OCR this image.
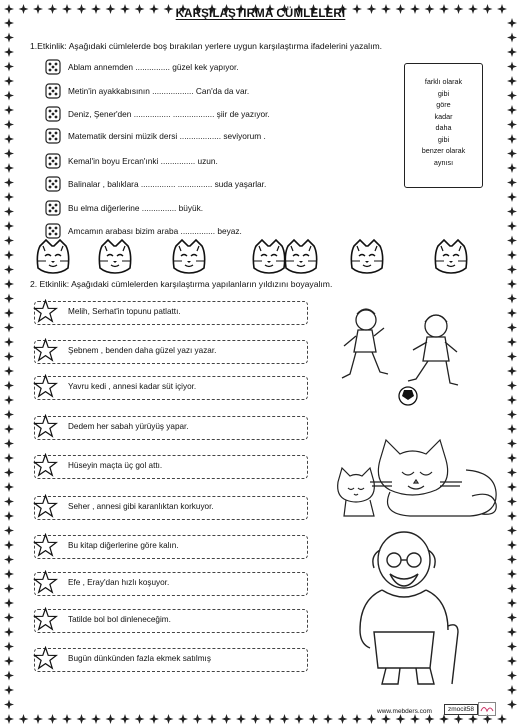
KARŞILAŞTIRMA CÜMLELERİ
1.Etkinlik: Aşağıdaki cümlelerde boş bırakılan yerlere uygun karşılaştırma ifadelerini yazalım.
Ablam annemden ............... güzel kek yapıyor.
Metin'in ayakkabısının .................. Can'da da var.
Deniz, Şener'den ................ .................. şiir de yazıyor.
Matematik dersini müzik dersi .................. seviyorum .
Kemal'in boyu Ercan'ınki ............... uzun.
Balinalar , balıklara ............... ............... suda yaşarlar.
Bu elma diğerlerine ............... büyük.
Amcamın arabası bizim araba ............... beyaz.
farklı olarak
gibi
göre
kadar
daha
gibi
benzer olarak
aynısı
2. Etkinlik: Aşağıdaki cümlelerden karşılaştırma yapılanların yıldızını boyayalım.
Melih, Serhat'in topunu patlattı.
Şebnem , benden daha güzel yazı yazar.
Yavru kedi , annesi kadar süt içiyor.
Dedem her sabah yürüyüş yapar.
Hüseyin maçta üç gol attı.
Seher , annesi gibi karanlıktan korkuyor.
Bu kitap diğerlerine göre kalın.
Efe , Eray'dan hızlı koşuyor.
Tatilde bol bol dinleneceğim.
Bugün dünkünden fazla ekmek satılmış
www.mebders.com	zmocit58
